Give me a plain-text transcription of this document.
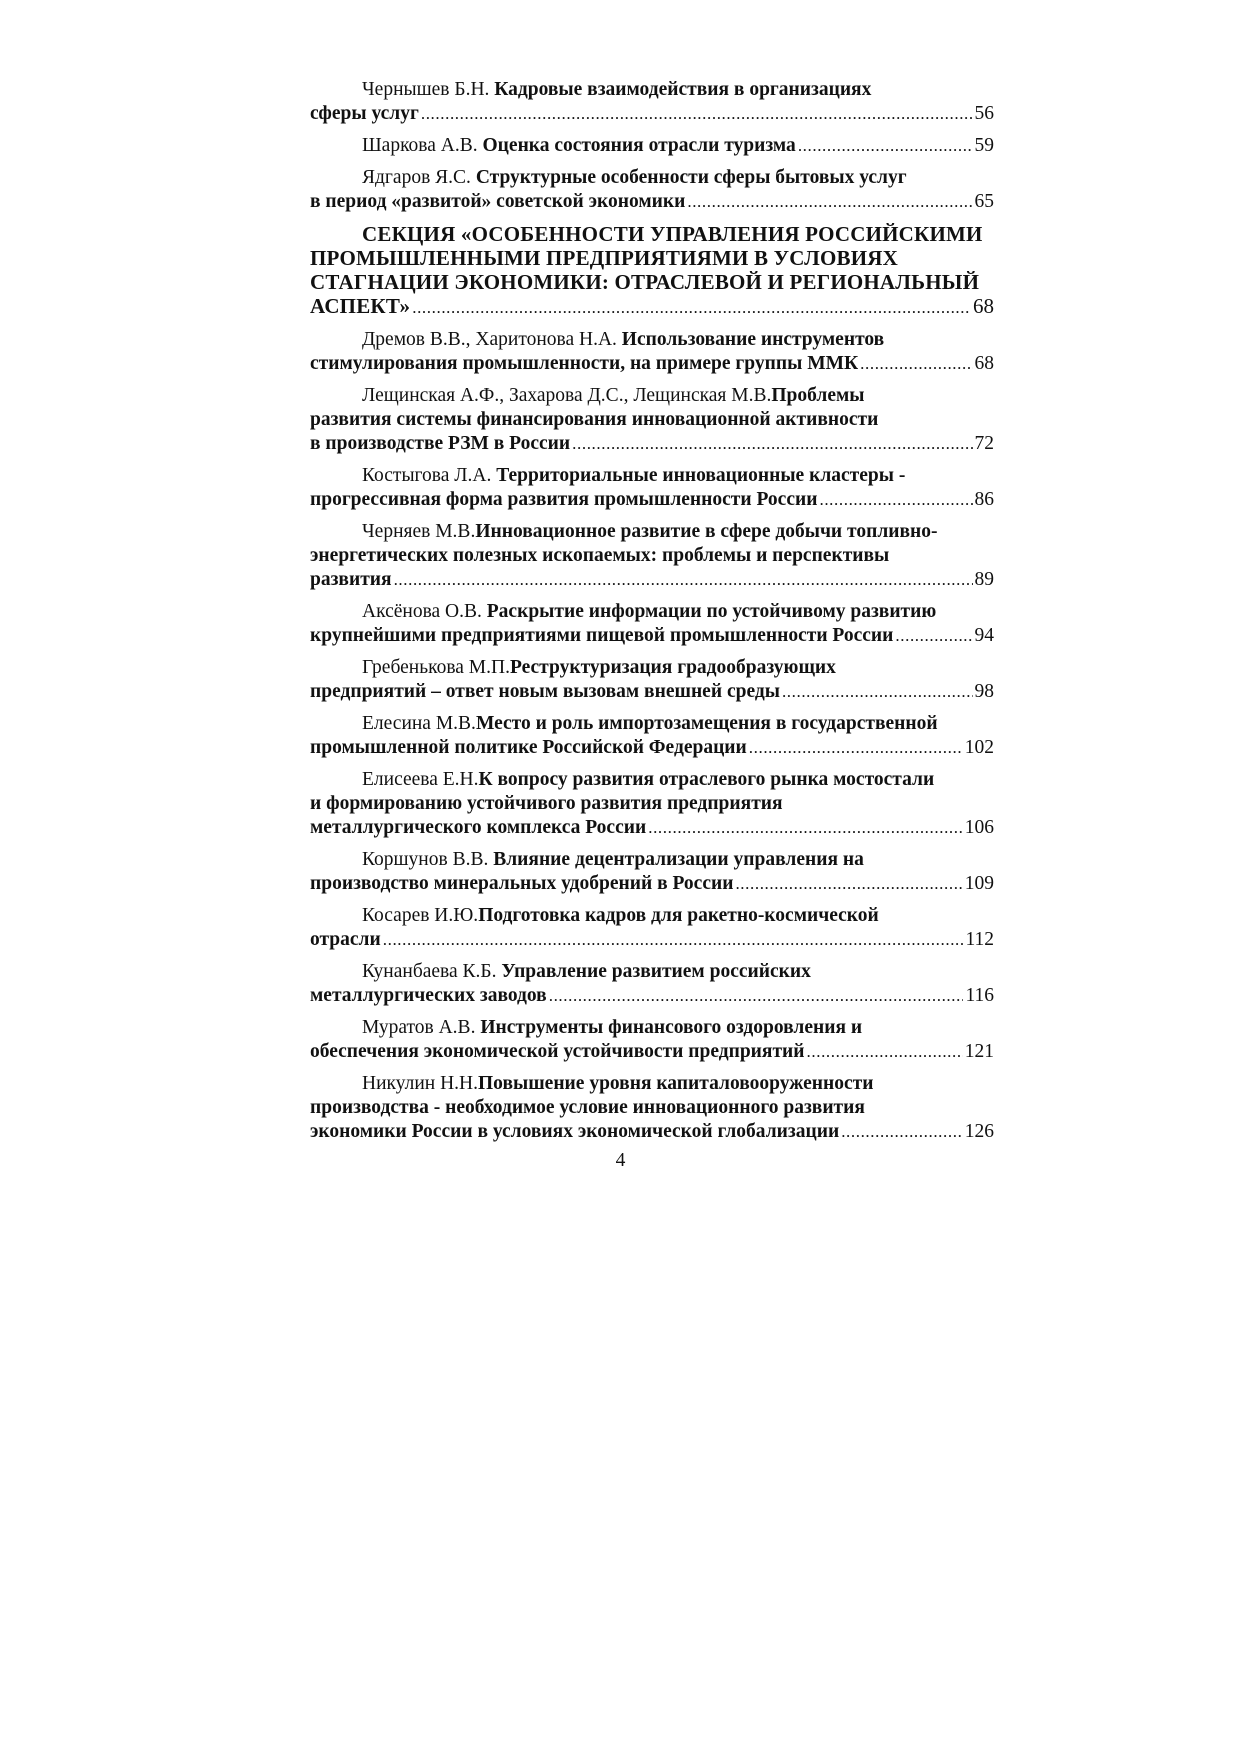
Чернышев Б.Н. Кадровые взаимодействия в организациях
сферы услуг .....	56
Шаркова А.В. Оценка состояния отрасли туризма .....	59
Ядгаров Я.С. Структурные особенности сферы бытовых услуг
в период «развитой» советской экономики .....	65
СЕКЦИЯ «ОСОБЕННОСТИ УПРАВЛЕНИЯ РОССИЙСКИМИ
ПРОМЫШЛЕННЫМИ ПРЕДПРИЯТИЯМИ В УСЛОВИЯХ
СТАГНАЦИИ ЭКОНОМИКИ: ОТРАСЛЕВОЙ И РЕГИОНАЛЬНЫЙ
АСПЕКТ» .....	68
Дремов В.В., Харитонова Н.А. Использование инструментов
стимулирования промышленности, на примере группы ММК .....	68
Лещинская А.Ф., Захарова Д.С., Лещинская М.В.Проблемы
развития системы финансирования инновационной активности
в производстве РЗМ в России .....	72
Костыгова Л.А. Территориальные инновационные кластеры -
прогрессивная форма развития промышленности России .....	86
Черняев М.В.Инновационное развитие в сфере добычи топливно-
энергетических полезных ископаемых: проблемы и перспективы
развития .....	89
Аксёнова О.В. Раскрытие информации по устойчивому развитию
крупнейшими предприятиями пищевой промышленности России .....	94
Гребенькова М.П.Реструктуризация градообразующих
предприятий – ответ новым вызовам внешней среды .....	98
Елесина М.В.Место и роль импортозамещения в государственной
промышленной политике Российской Федерации .....	102
Елисеева Е.Н.К вопросу развития отраслевого рынка мостостали
и формированию устойчивого развития предприятия
металлургического комплекса России .....	106
Коршунов В.В. Влияние децентрализации управления на
производство минеральных удобрений в России .....	109
Косарев И.Ю.Подготовка кадров для ракетно-космической
отрасли .....	112
Кунанбаева К.Б. Управление развитием российских
металлургических заводов .....	116
Муратов А.В. Инструменты финансового оздоровления и
обеспечения экономической устойчивости предприятий .....	121
Никулин Н.Н.Повышение уровня капиталовооруженности
производства - необходимое условие инновационного развития
экономики России в условиях экономической глобализации .....	126
4
